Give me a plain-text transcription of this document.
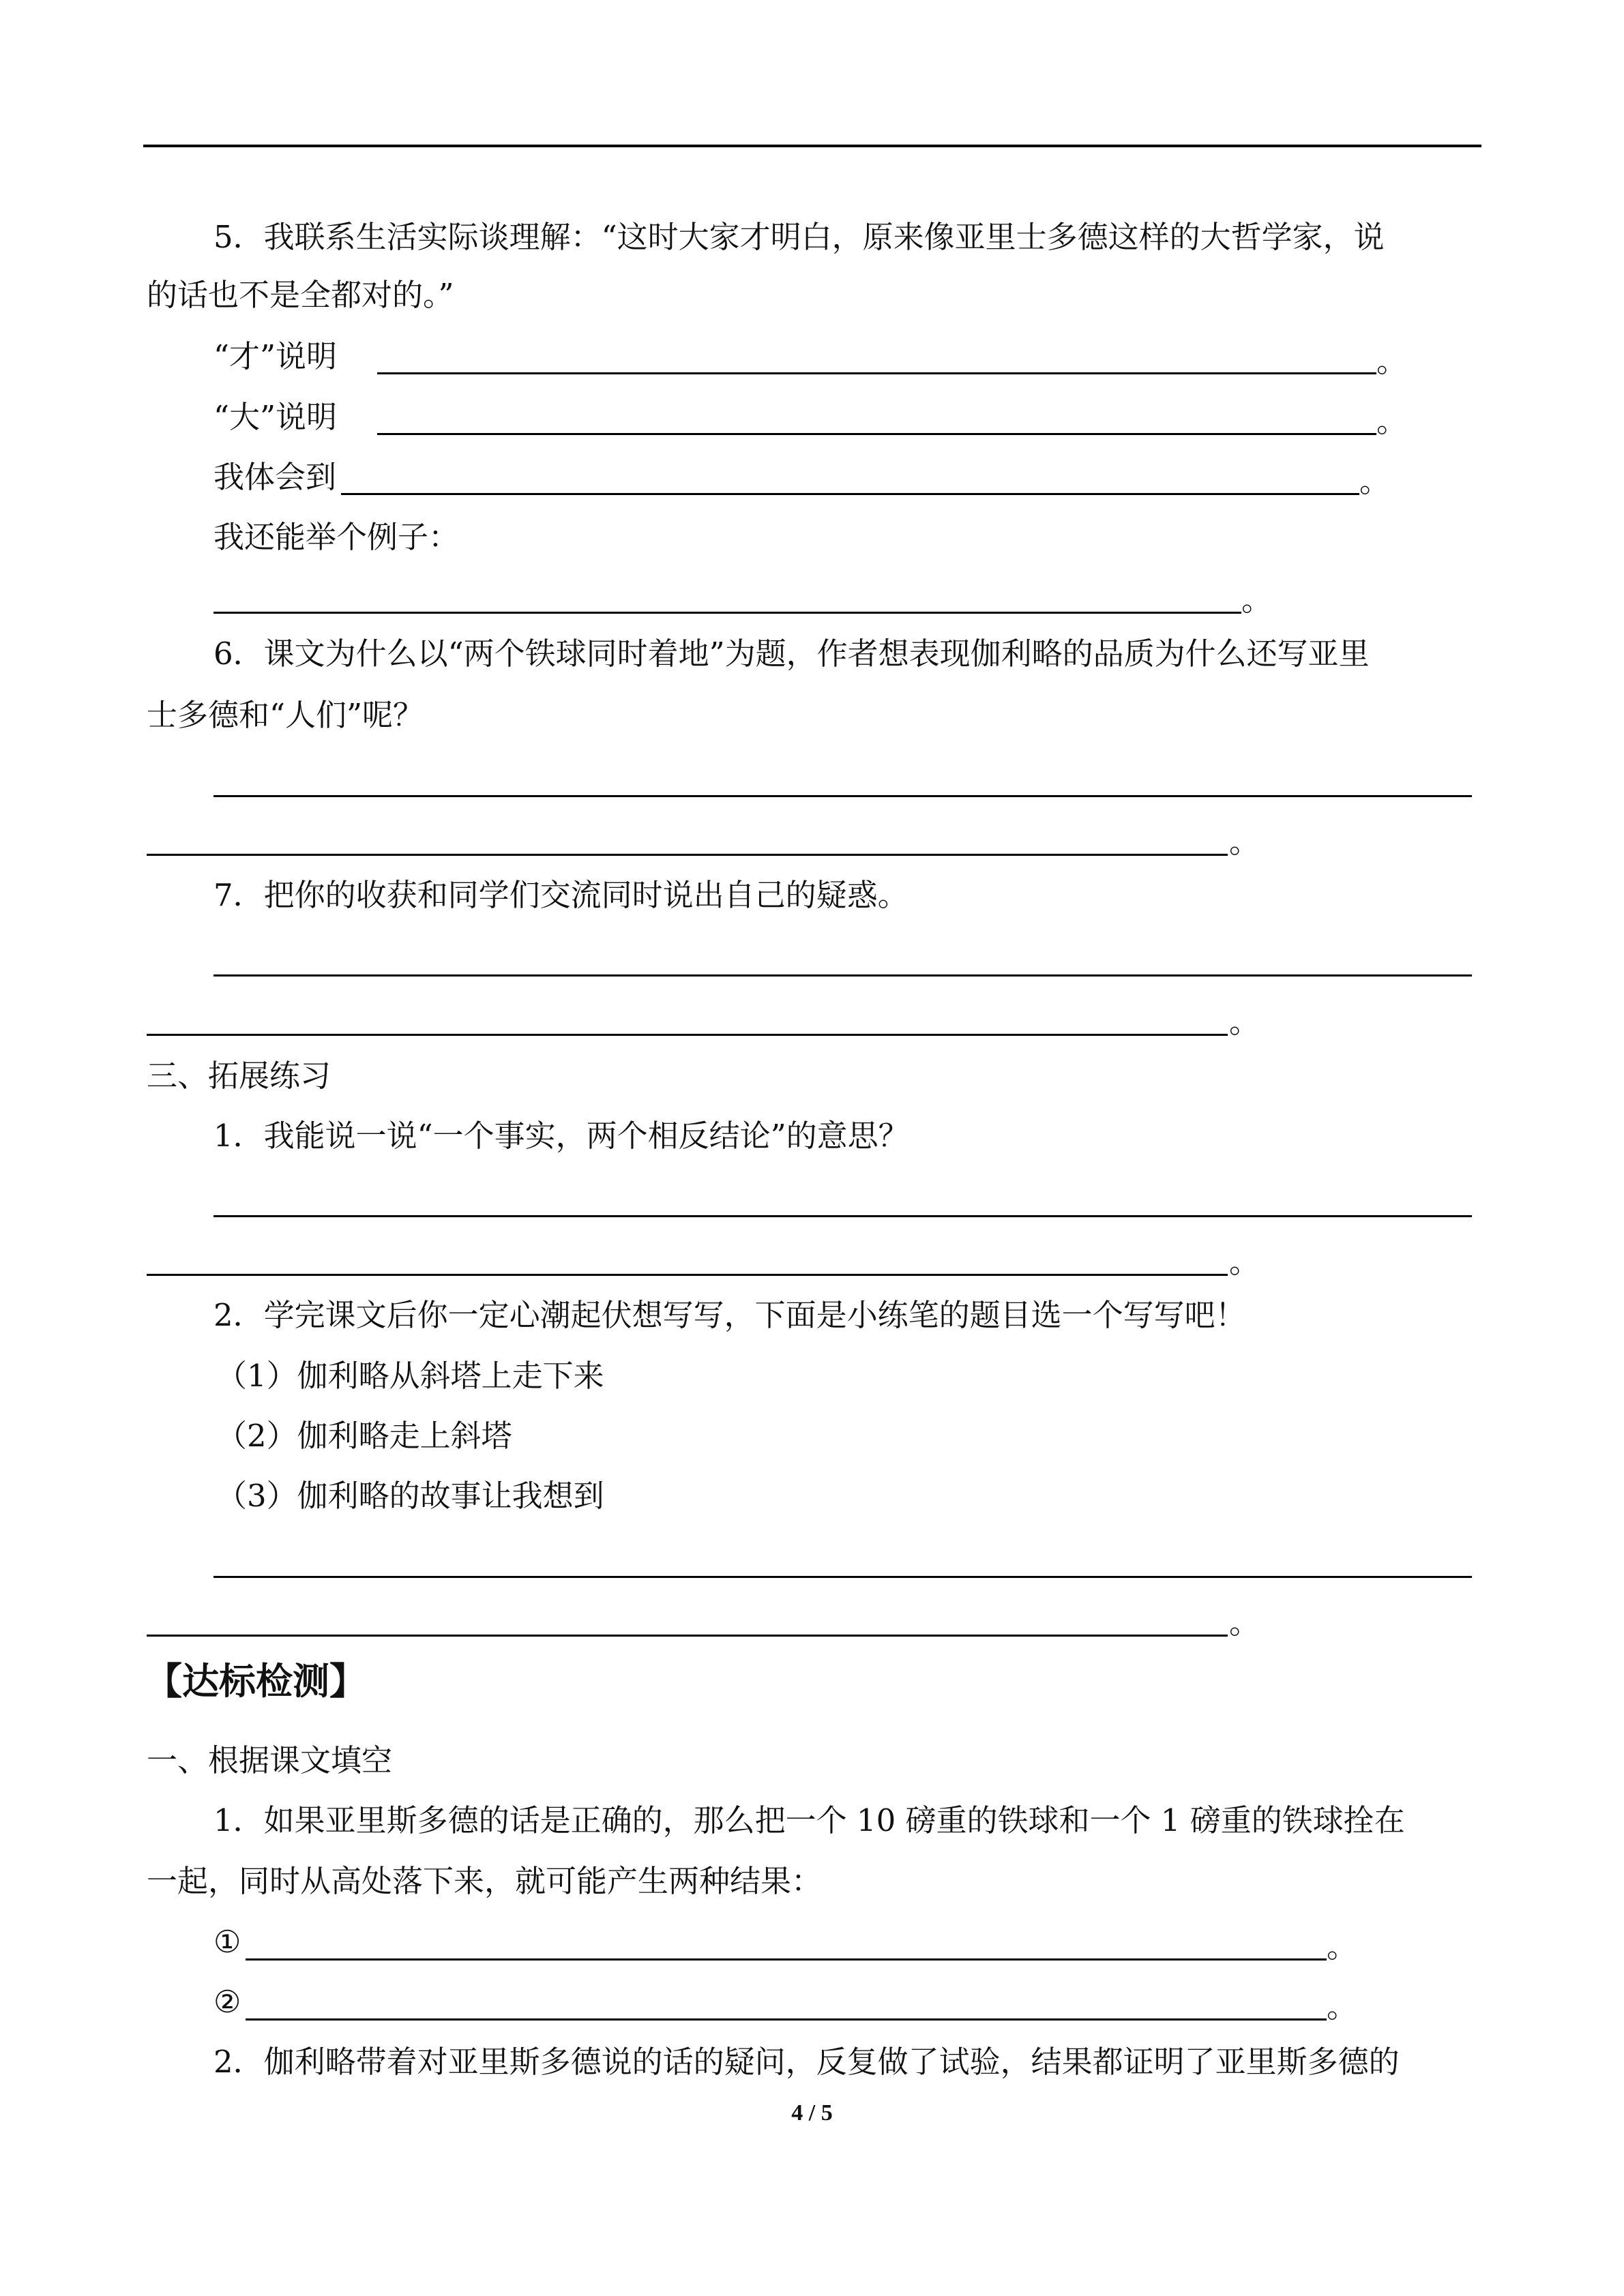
5．我联系生活实际谈理解：“这时大家才明白，原来像亚里士多德这样的大哲学家，说
的话也不是全都对的。”
“才”说明	。
“大”说明	。
我体会到	。
我还能举个例子：
。
6．课文为什么以“两个铁球同时着地”为题，作者想表现伽利略的品质为什么还写亚里
士多德和“人们”呢？
。
7．把你的收获和同学们交流同时说出自己的疑惑。
。
三、拓展练习
1．我能说一说“一个事实，两个相反结论”的意思？
。
2．学完课文后你一定心潮起伏想写写，下面是小练笔的题目选一个写写吧！
（1）伽利略从斜塔上走下来
（2）伽利略走上斜塔
（3）伽利略的故事让我想到
。
【达标检测】
一、根据课文填空
1．如果亚里斯多德的话是正确的，那么把一个 10 磅重的铁球和一个 1 磅重的铁球拴在
一起，同时从高处落下来，就可能产生两种结果：
①	。
②	。
2．伽利略带着对亚里斯多德说的话的疑问，反复做了试验，结果都证明了亚里斯多德的
4 / 5
